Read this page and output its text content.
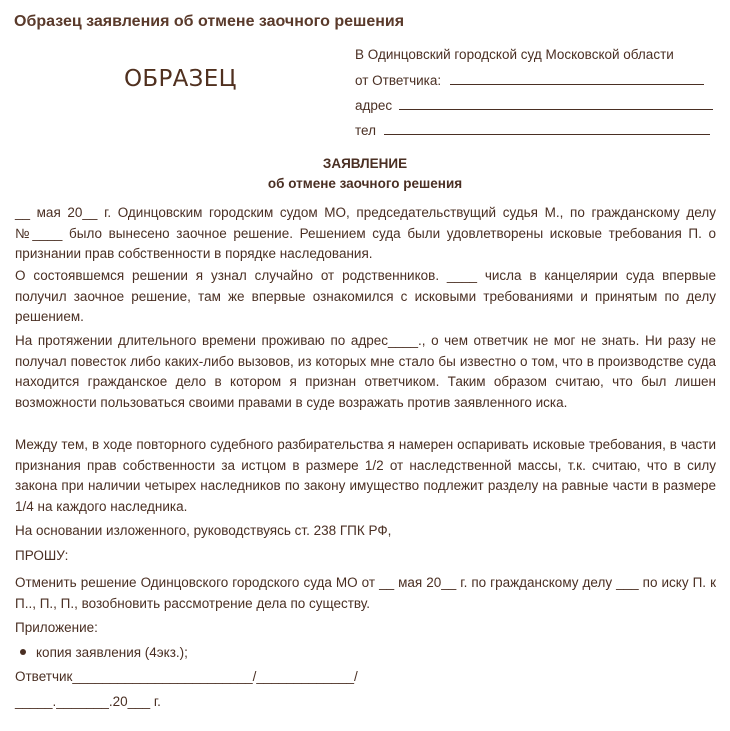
Образец заявления об отмене заочного решения
ОБРАЗЕЦ
В Одинцовский городской суд Московской области
от Ответчика:
адрес
тел
ЗАЯВЛЕНИЕ
об отмене заочного решения

__ мая 20__ г. Одинцовским городским судом МО, председательствущий судья М., по гражданскому делу №____ было вынесено заочное решение. Решением суда были удовлетворены исковые требования П. о признании прав собственности в порядке наследования.

О состоявшемся решении я узнал случайно от родственников. ____ числа в канцелярии суда впервые получил заочное решение, там же впервые ознакомился с исковыми требованиями и принятым по делу решением.

На протяжении длительного времени проживаю по адрес____., о чем ответчик не мог не знать. Ни разу не получал повесток либо каких-либо вызовов, из которых мне стало бы известно о том, что в производстве суда находится гражданское дело в котором я признан ответчиком. Таким образом считаю, что был лишен возможности пользоваться своими правами в суде возражать против заявленного иска.

Между тем, в ходе повторного судебного разбирательства я намерен оспаривать исковые требования, в части признания прав собственности за истцом в размере 1/2 от наследственной массы, т.к. считаю, что в силу закона при наличии четырех наследников по закону имущество подлежит разделу на равные части в размере 1/4 на каждого наследника.

На основании изложенного, руководствуясь ст. 238 ГПК РФ,
ПРОШУ:

Отменить решение Одинцовского городского суда МО от __ мая 20__ г. по гражданскому делу ___ по иску П. к П.., П., П., возобновить рассмотрение дела по существу.

Приложение:
копия заявления (4экз.);
Ответчик________________________/_____________/
_____._______.20___ г.
